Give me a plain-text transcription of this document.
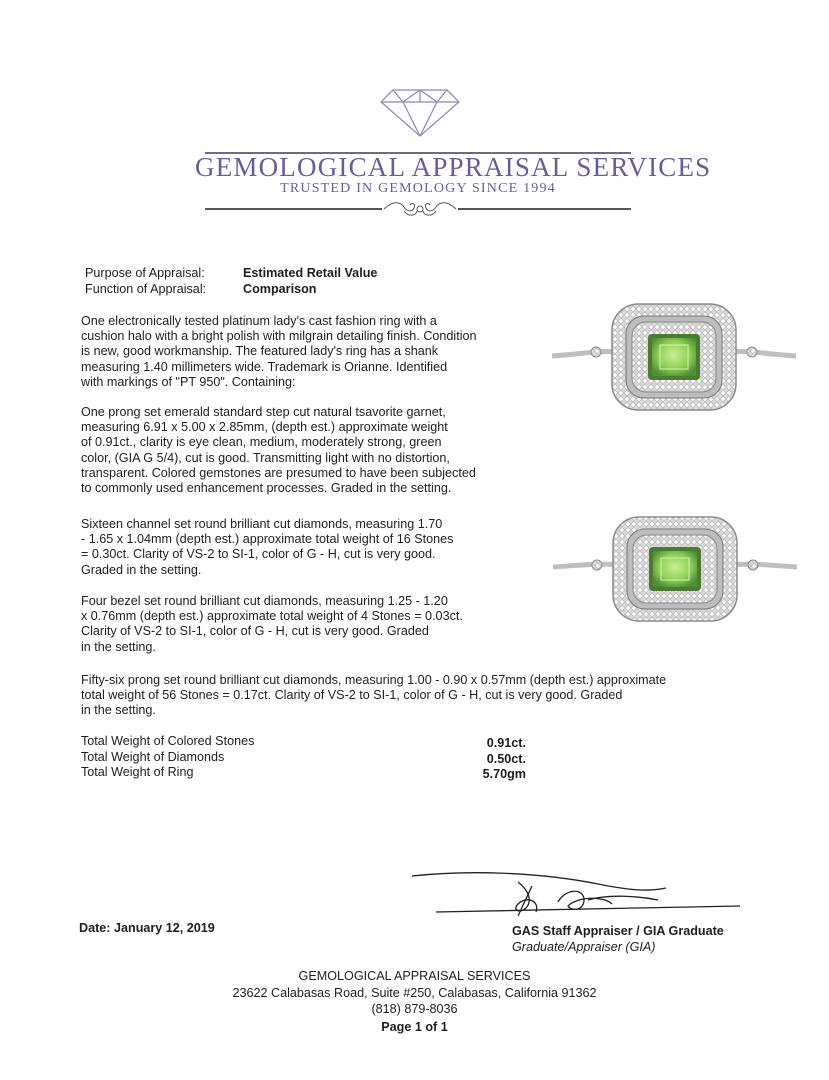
GEMOLOGICAL APPRAISAL SERVICES
TRUSTED IN GEMOLOGY SINCE 1994
Purpose of Appraisal:	Estimated Retail Value
Function of Appraisal:	Comparison
One electronically tested platinum lady's cast fashion ring with a
cushion halo with a bright polish with milgrain detailing finish. Condition
is new, good workmanship. The featured lady's ring has a shank
measuring 1.40 millimeters wide. Trademark is Orianne. Identified
with markings of "PT 950". Containing:
One prong set emerald standard step cut natural tsavorite garnet,
measuring 6.91 x 5.00 x 2.85mm, (depth est.) approximate weight
of 0.91ct., clarity is eye clean, medium, moderately strong, green
color, (GIA G 5/4), cut is good. Transmitting light with no distortion,
transparent. Colored gemstones are presumed to have been subjected
to commonly used enhancement processes. Graded in the setting.
Sixteen channel set round brilliant cut diamonds, measuring 1.70
- 1.65 x 1.04mm (depth est.) approximate total weight of 16 Stones
= 0.30ct. Clarity of VS-2 to SI-1, color of G - H, cut is very good.
Graded in the setting.
Four bezel set round brilliant cut diamonds, measuring 1.25 - 1.20
x 0.76mm (depth est.) approximate total weight of 4 Stones = 0.03ct.
Clarity of VS-2 to SI-1, color of G - H, cut is very good. Graded
in the setting.
Fifty-six prong set round brilliant cut diamonds, measuring 1.00 - 0.90 x 0.57mm (depth est.) approximate
total weight of 56 Stones = 0.17ct. Clarity of VS-2 to SI-1, color of G - H, cut is very good. Graded
in the setting.
Total Weight of Colored Stones	0.91ct.
Total Weight of Diamonds	0.50ct.
Total Weight of Ring	5.70gm
GAS Staff Appraiser / GIA Graduate
Graduate/Appraiser (GIA)
Date: January 12, 2019
GEMOLOGICAL APPRAISAL SERVICES
23622 Calabasas Road, Suite #250, Calabasas, California 91362
(818) 879-8036
Page 1 of 1
